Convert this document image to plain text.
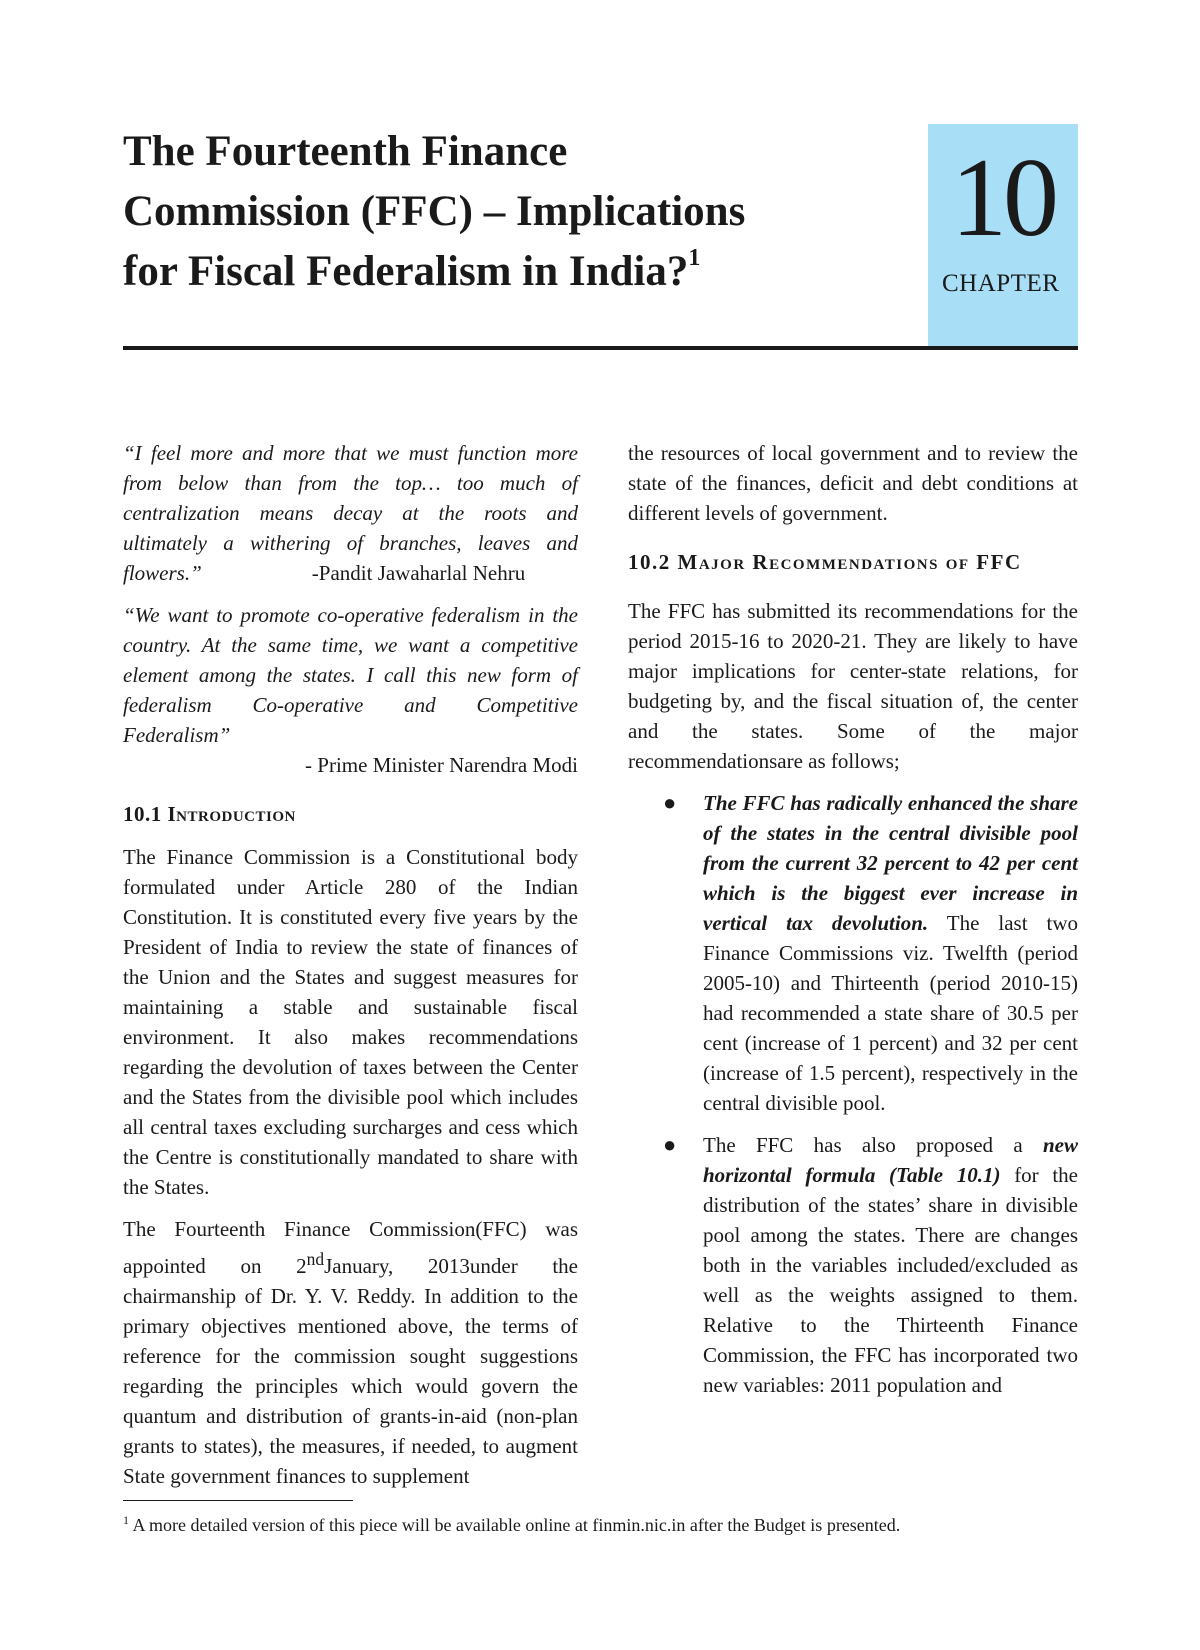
The Fourteenth Finance
Commission (FFC) – Implications
for Fiscal Federalism in India?$^1$	10
CHAPTER

“I feel more and more that we must function more from below than from the top… too much of centralization means decay at the roots and ultimately a withering of branches, leaves and flowers.”	-Pandit Jawaharlal Nehru

“We want to promote co-operative federalism in the country. At the same time, we want a competitive element among the states. I call this new form of federalism Co-operative and Competitive Federalism”

- Prime Minister Narendra Modi

10.1 Introduction

The Finance Commission is a Constitutional body formulated under Article 280 of the Indian Constitution. It is constituted every five years by the President of India to review the state of finances of the Union and the States and suggest measures for maintaining a stable and sustainable fiscal environment. It also makes recommendations regarding the devolution of taxes between the Center and the States from the divisible pool which includes all central taxes excluding surcharges and cess which the Centre is constitutionally mandated to share with the States.

The Fourteenth Finance Commission(FFC) was appointed on 2ndJanuary, 2013under the chairmanship of Dr. Y. V. Reddy. In addition to the primary objectives mentioned above, the terms of reference for the commission sought suggestions regarding the principles which would govern the quantum and distribution of grants-in-aid (non-plan grants to states), the measures, if needed, to augment State government finances to supplement

the resources of local government and to review the state of the finances, deficit and debt conditions at different levels of government.

10.2 Major Recommendations of FFC

The FFC has submitted its recommendations for the period 2015-16 to 2020-21. They are likely to have major implications for center-state relations, for budgeting by, and the fiscal situation of, the center and the states. Some of the major recommendationsare as follows;

● The FFC has radically enhanced the share of the states in the central divisible pool from the current 32 percent to 42 per cent which is the biggest ever increase in vertical tax devolution. The last two Finance Commissions viz. Twelfth (period 2005-10) and Thirteenth (period 2010-15) had recommended a state share of 30.5 per cent (increase of 1 percent) and 32 per cent (increase of 1.5 percent), respectively in the central divisible pool.
● The FFC has also proposed a new horizontal formula (Table 10.1) for the distribution of the states’ share in divisible pool among the states. There are changes both in the variables included/excluded as well as the weights assigned to them. Relative to the Thirteenth Finance Commission, the FFC has incorporated two new variables: 2011 population and
$^1$ A more detailed version of this piece will be available online at finmin.nic.in after the Budget is presented.
